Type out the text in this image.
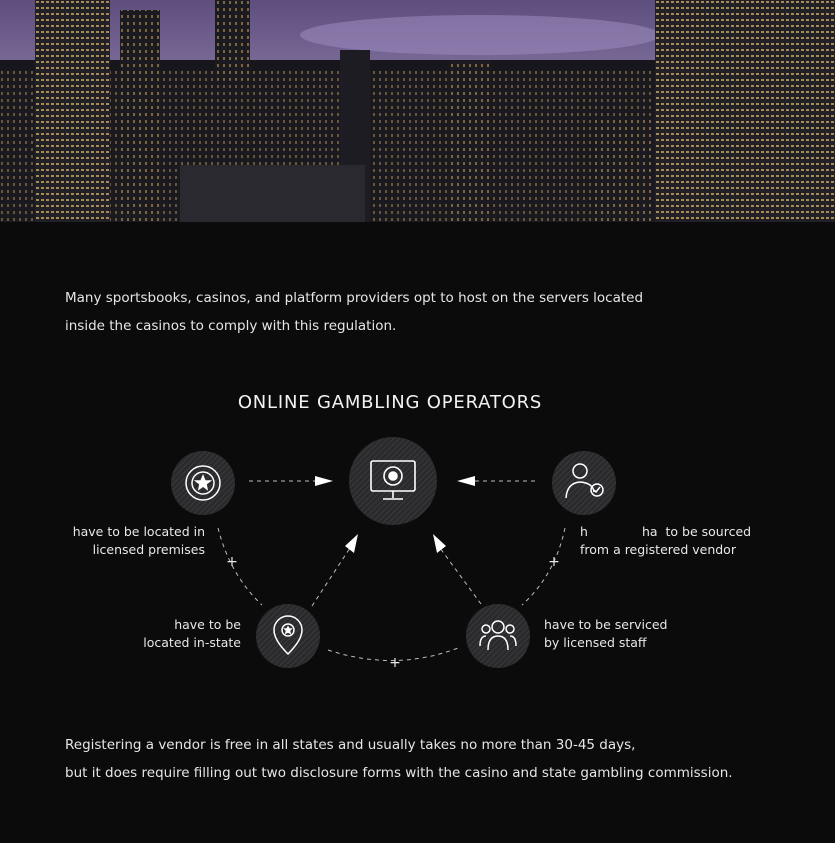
Many sportsbooks, casinos, and platform providers opt to host on the servers located
inside the casinos to comply with this regulation.
ONLINE GAMBLING OPERATORS
+	+
+
have to be located in
licensed premises
h	ha to be sourced
from a registered vendor
have to be
located in-state
have to be serviced
by licensed staff
Registering a vendor is free in all states and usually takes no more than 30-45 days,
but it does require filling out two disclosure forms with the casino and state gambling commission.
